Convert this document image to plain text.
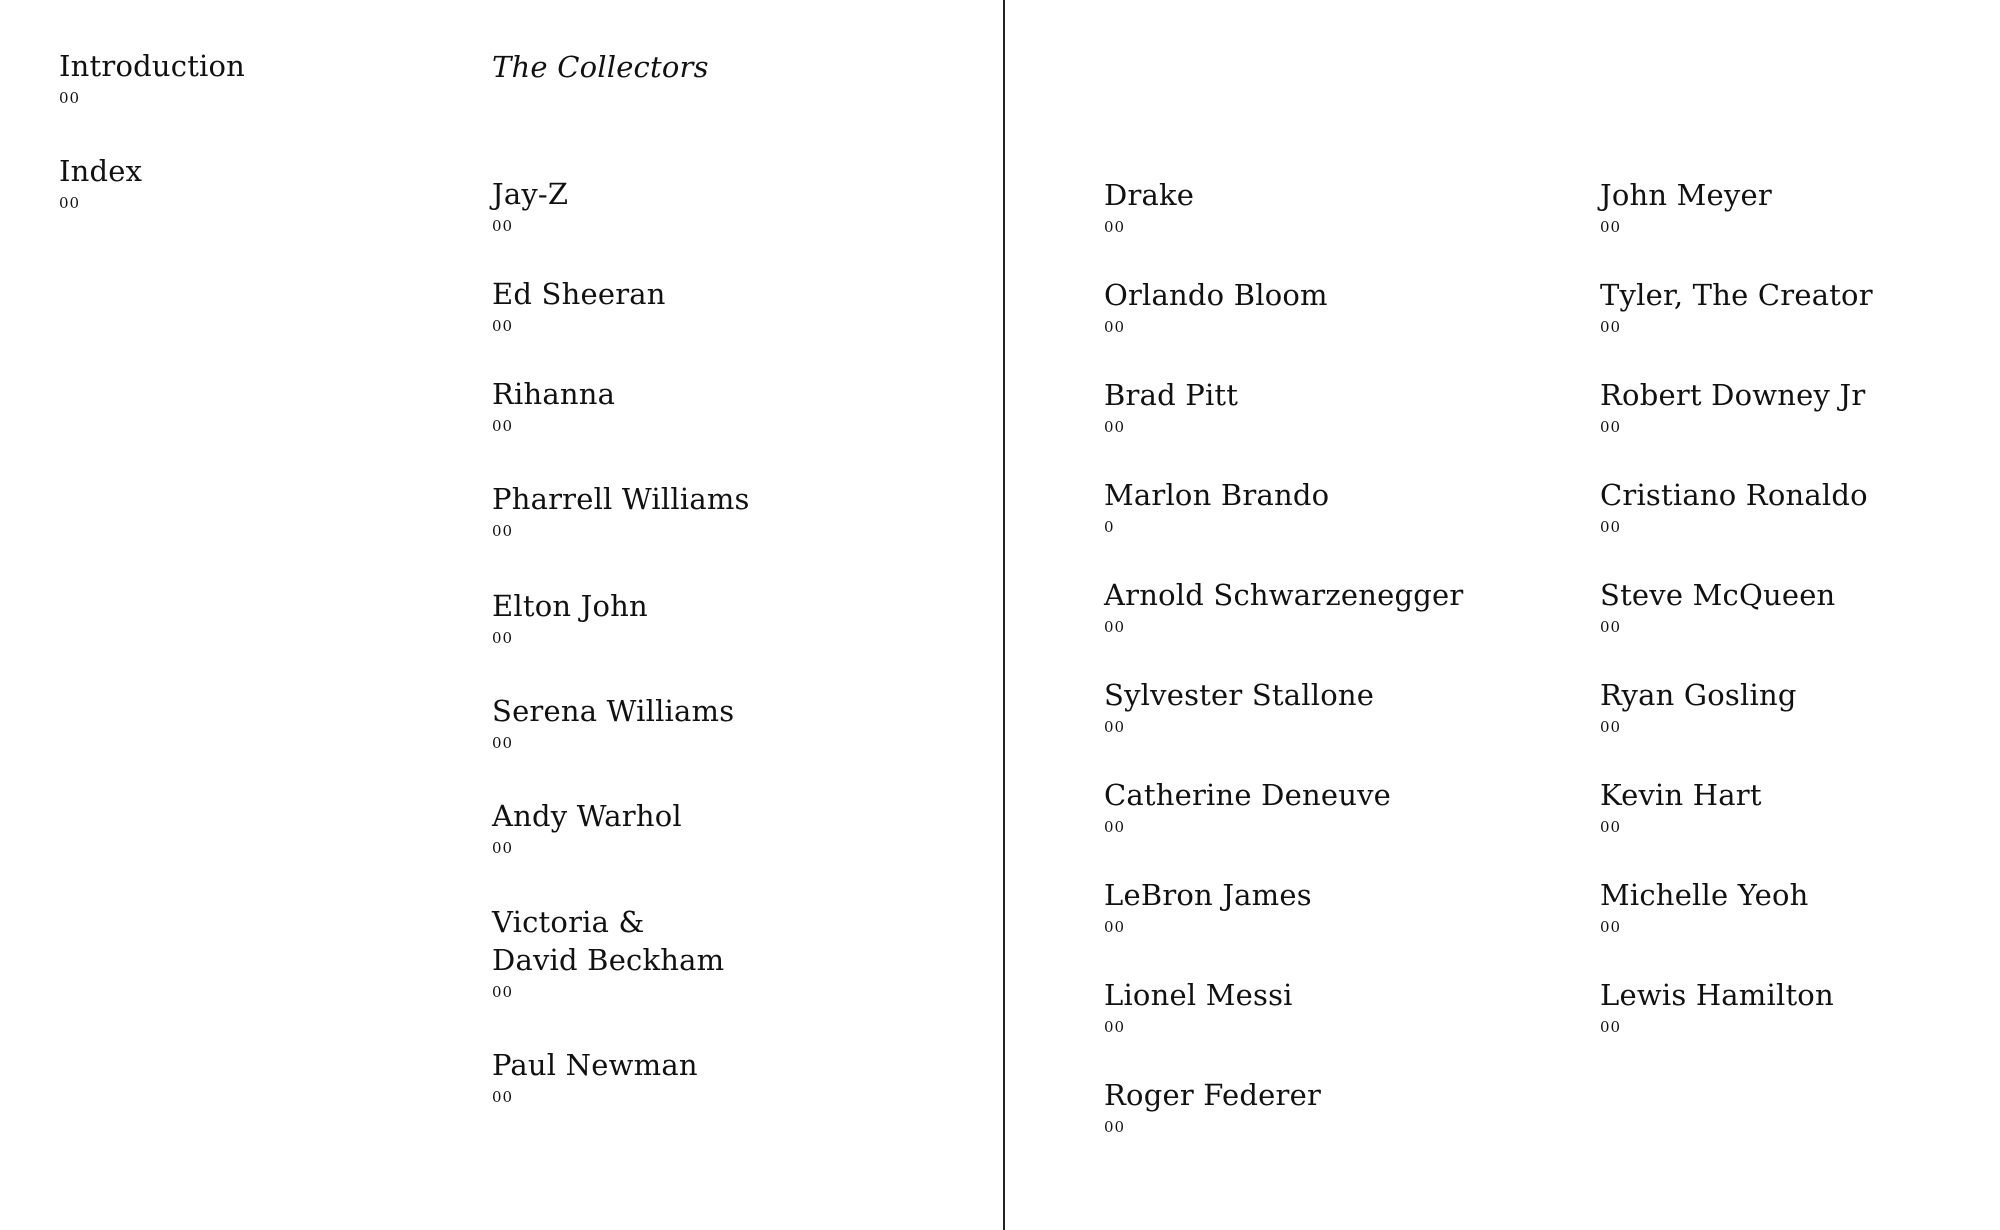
Introduction
00
Index
00
The Collectors
Jay-Z
00
Ed Sheeran
00
Rihanna
00
Pharrell Williams
00
Elton John
00
Serena Williams
00
Andy Warhol
00
Victoria &
David Beckham
00
Paul Newman
00
Drake
00
Orlando Bloom
00
Brad Pitt
00
Marlon Brando
0
Arnold Schwarzenegger
00
Sylvester Stallone
00
Catherine Deneuve
00
LeBron James
00
Lionel Messi
00
Roger Federer
00
John Meyer
00
Tyler, The Creator
00
Robert Downey Jr
00
Cristiano Ronaldo
00
Steve McQueen
00
Ryan Gosling
00
Kevin Hart
00
Michelle Yeoh
00
Lewis Hamilton
00
